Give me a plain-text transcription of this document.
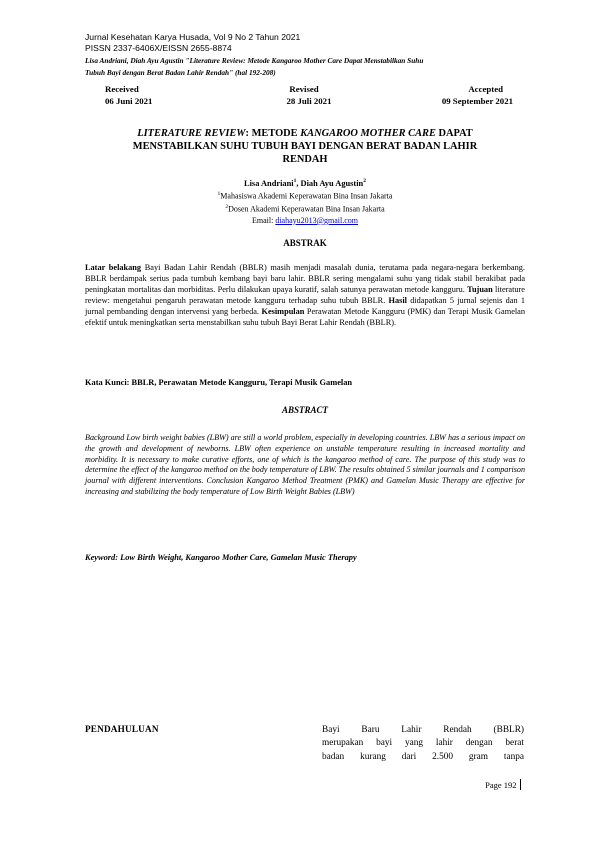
Jurnal Kesehatan Karya Husada, Vol 9 No 2 Tahun 2021
PISSN 2337-6406X/EISSN 2655-8874
Lisa Andriani, Diah Ayu Agustin "Literature Review: Metode Kangaroo Mother Care Dapat Menstabilkan Suhu
Tubuh Bayi dengan Berat Badan Lahir Rendah" (hal 192-208)
Received	Revised	Accepted
06 Juni 2021	28 Juli 2021	09 September 2021
LITERATURE REVIEW: METODE KANGAROO MOTHER CARE DAPAT
MENSTABILKAN SUHU TUBUH BAYI DENGAN BERAT BADAN LAHIR
RENDAH
Lisa Andriani$^1$, Diah Ayu Agustin$^2$
$^1$Mahasiswa Akademi Keperawatan Bina Insan Jakarta
$^2$Dosen Akademi Keperawatan Bina Insan Jakarta
Email: diahayu2013@gmail.com
ABSTRAK
Latar belakang Bayi Badan Lahir Rendah (BBLR) masih menjadi masalah dunia, terutama pada negara-negara berkembang. BBLR berdampak serius pada tumbuh kembang bayi baru lahir. BBLR sering mengalami suhu yang tidak stabil berakibat pada peningkatan mortalitas dan morbiditas. Perlu dilakukan upaya kuratif, salah satunya perawatan metode kangguru. Tujuan literature review: mengetahui pengaruh perawatan metode kangguru terhadap suhu tubuh BBLR. Hasil didapatkan 5 jurnal sejenis dan 1 jurnal pembanding dengan intervensi yang berbeda. Kesimpulan Perawatan Metode Kangguru (PMK) dan Terapi Musik Gamelan efektif untuk meningkatkan serta menstabilkan suhu tubuh Bayi Berat Lahir Rendah (BBLR).
Kata Kunci: BBLR, Perawatan Metode Kangguru, Terapi Musik Gamelan
ABSTRACT
Background Low birth weight babies (LBW) are still a world problem, especially in developing countries. LBW has a serious impact on the growth and development of newborns. LBW often experience on unstable temperature resulting in increased mortality and morbidity. It is necessary to make curative efforts, one of which is the kangaroo method of care. The purpose of this study was to determine the effect of the kangaroo method on the body temperature of LBW. The results obtained 5 similar journals and 1 comparison journal with different interventions. Conclusion Kangaroo Method Treatment (PMK) and Gamelan Music Therapy are effective for increasing and stabilizing the body temperature of Low Birth Weight Babies (LBW)
Keyword: Low Birth Weight, Kangaroo Mother Care, Gamelan Music Therapy
PENDAHULUAN	Bayi Baru Lahir Rendah (BBLR)
merupakan bayi yang lahir dengan berat
badan kurang dari 2.500 gram tanpa
Page 192
